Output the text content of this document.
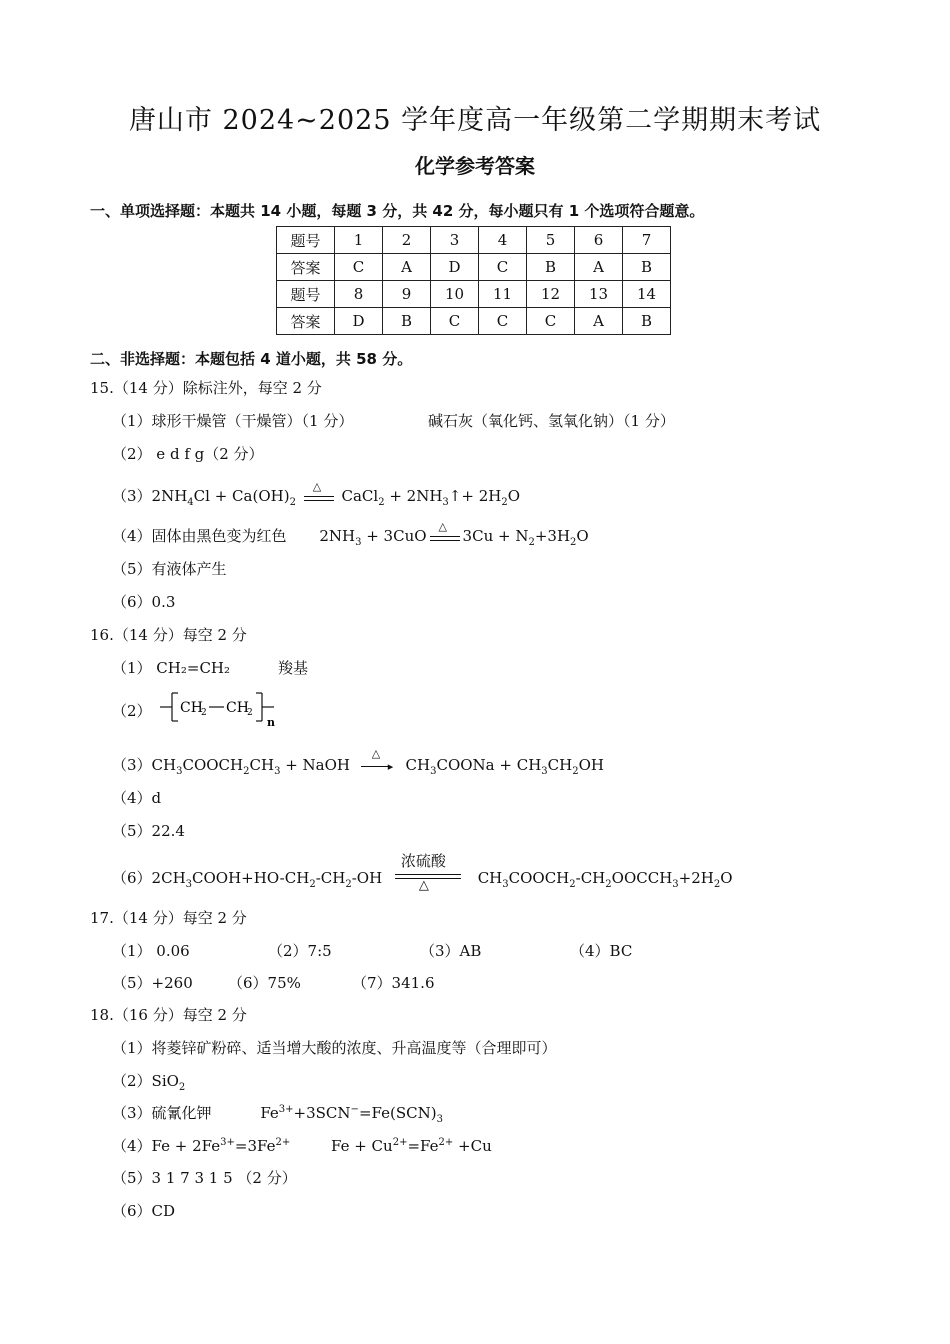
唐山市 2024~2025 学年度高一年级第二学期期末考试
化学参考答案
一、单项选择题：本题共 14 小题，每题 3 分，共 42 分，每小题只有 1 个选项符合题意。
题号	1	2	3	4	5	6	7
答案	C	A	D	C	B	A	B
题号	8	9	10	11	12	13	14
答案	D	B	C	C	C	A	B
二、非选择题：本题包括 4 道小题，共 58 分。
15.（14 分）除标注外，每空 2 分
（1）球形干燥管（干燥管）（1 分）	碱石灰（氧化钙、氢氧化钠）（1 分）
（2） e d f g（2 分）
$(3)2NH_4Cl + Ca(OH)_2$
△
CaCl$_2$ + $2NH_3↑+ 2H_2O$
（4）固体由黑色变为红色 $2NH_3 + 3CuO$
△
$3Cu + N_2+3H_2O$
（5）有液体产生
（6）0.3
16.（14 分）每空 2 分
（1） CH₂=CH₂	羧基
（2） CH
2 CH
2
n
$(3)CH_3COOCH_2CH_3$ + NaOH
△
▸ $CH_3COONa + CH_3CH_2OH$
（4）d
（5）22.4
$(6)2CH_3COOH+HO-CH_2-CH_2-OH$
浓硫酸
△	$CH_3COOCH_2-CH_2OOCCH_3+2H_2O$
17.（14 分）每空 2 分
（1） 0.06	（2）7:5	（3）AB	（4）BC
（5）+260 （6）75%	（7）341.6
18.（16 分）每空 2 分
（1）将菱锌矿粉碎、适当增大酸的浓度、升高温度等（合理即可）
（2）SiO$_2$
（3）硫氰化钾	$Fe^{3+}+3SCN^-=Fe(SCN)_3$
$(4)Fe + 2Fe^{3+}=3Fe^{2+}$	$Fe + Cu^{2+}=Fe^{2+} +Cu$
（5）3 1 7 3 1 5 （2 分）
（6）CD
